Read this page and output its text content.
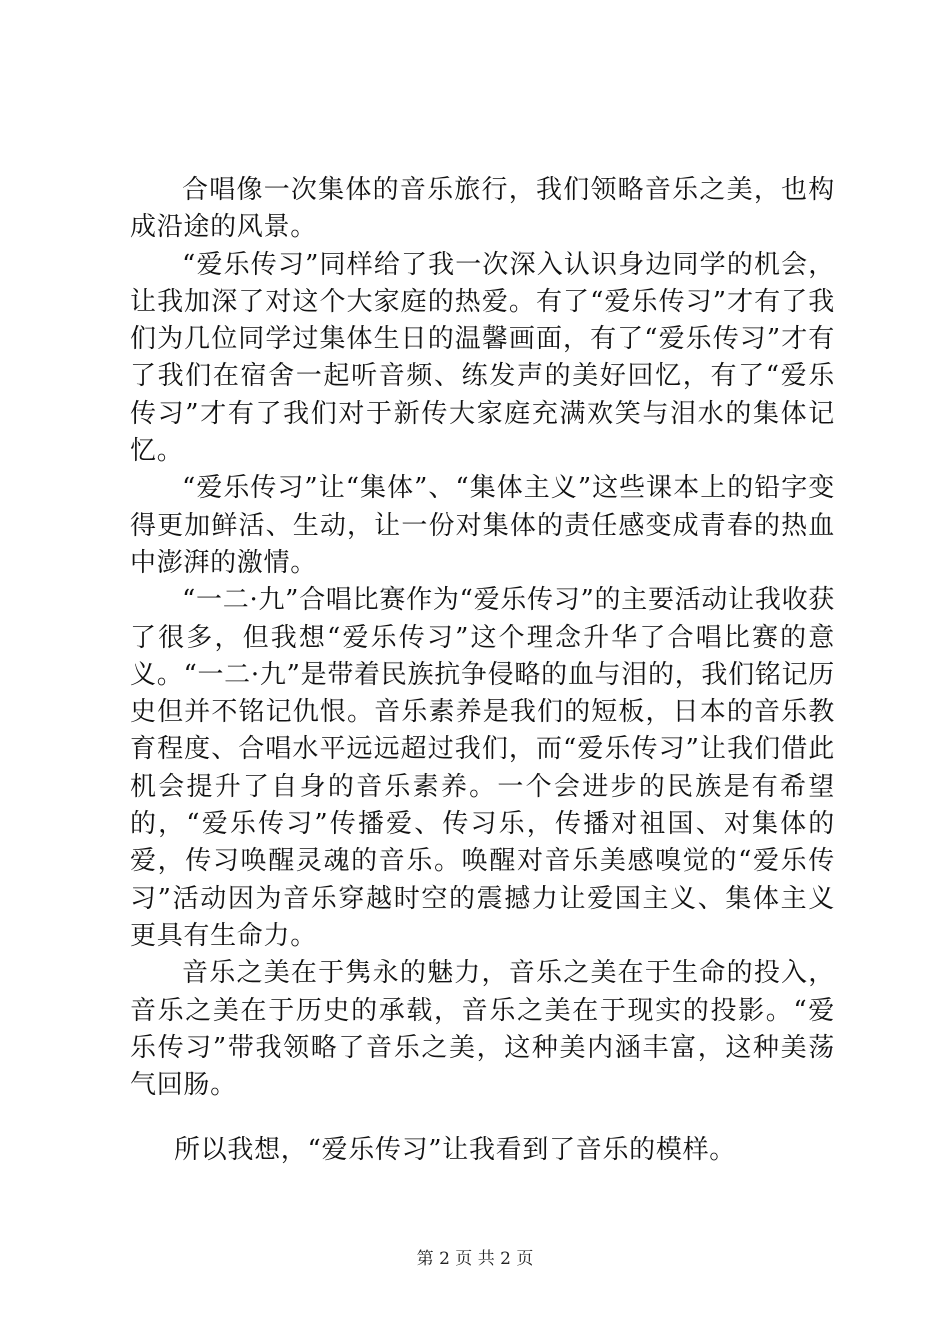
合唱像一次集体的音乐旅行，我们领略音乐之美，也构成沿途的风景。

“爱乐传习”同样给了我一次深入认识身边同学的机会，让我加深了对这个大家庭的热爱。有了“爱乐传习”才有了我们为几位同学过集体生日的温馨画面，有了“爱乐传习”才有了我们在宿舍一起听音频、练发声的美好回忆，有了“爱乐传习”才有了我们对于新传大家庭充满欢笑与泪水的集体记忆。

“爱乐传习”让“集体”、“集体主义”这些课本上的铅字变得更加鲜活、生动，让一份对集体的责任感变成青春的热血中澎湃的激情。

“一二·九”合唱比赛作为“爱乐传习”的主要活动让我收获了很多，但我想“爱乐传习”这个理念升华了合唱比赛的意义。“一二·九”是带着民族抗争侵略的血与泪的，我们铭记历史但并不铭记仇恨。音乐素养是我们的短板，日本的音乐教育程度、合唱水平远远超过我们，而“爱乐传习”让我们借此机会提升了自身的音乐素养。一个会进步的民族是有希望的，“爱乐传习”传播爱、传习乐，传播对祖国、对集体的爱，传习唤醒灵魂的音乐。唤醒对音乐美感嗅觉的“爱乐传习”活动因为音乐穿越时空的震撼力让爱国主义、集体主义更具有生命力。

音乐之美在于隽永的魅力，音乐之美在于生命的投入，音乐之美在于历史的承载，音乐之美在于现实的投影。“爱乐传习”带我领略了音乐之美，这种美内涵丰富，这种美荡气回肠。

所以我想，“爱乐传习”让我看到了音乐的模样。

第 2 页 共 2 页
